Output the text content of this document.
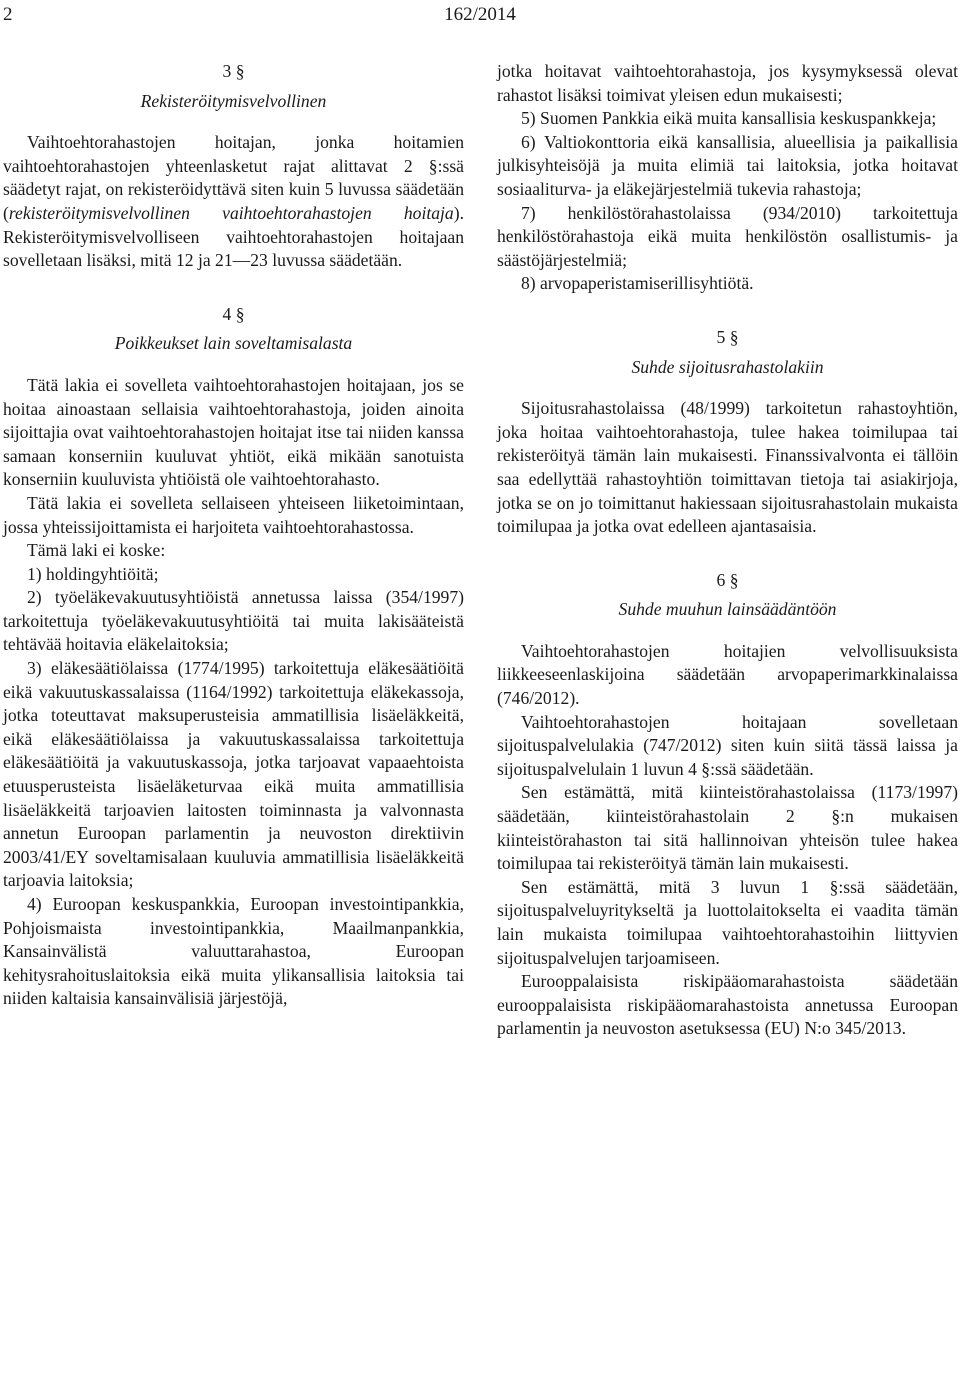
2	162/2014
3 §
Rekisteröitymisvelvollinen

Vaihtoehtorahastojen hoitajan, jonka hoitamien vaihtoehtorahastojen yhteenlasketut rajat alittavat 2 §:ssä säädetyt rajat, on rekisteröidyttävä siten kuin 5 luvussa säädetään (rekisteröitymisvelvollinen vaihtoehtorahastojen hoitaja). Rekisteröitymisvelvolliseen vaihtoehtorahastojen hoitajaan sovelletaan lisäksi, mitä 12 ja 21—23 luvussa säädetään.

4 §
Poikkeukset lain soveltamisalasta

Tätä lakia ei sovelleta vaihtoehtorahastojen hoitajaan, jos se hoitaa ainoastaan sellaisia vaihtoehtorahastoja, joiden ainoita sijoittajia ovat vaihtoehtorahastojen hoitajat itse tai niiden kanssa samaan konserniin kuuluvat yhtiöt, eikä mikään sanotuista konserniin kuuluvista yhtiöistä ole vaihtoehtorahasto.

Tätä lakia ei sovelleta sellaiseen yhteiseen liiketoimintaan, jossa yhteissijoittamista ei harjoiteta vaihtoehtorahastossa.

Tämä laki ei koske:

1) holdingyhtiöitä;

2) työeläkevakuutusyhtiöistä annetussa laissa (354/1997) tarkoitettuja työeläkevakuutusyhtiöitä tai muita lakisääteistä tehtävää hoitavia eläkelaitoksia;

3) eläkesäätiölaissa (1774/1995) tarkoitettuja eläkesäätiöitä eikä vakuutuskassalaissa (1164/1992) tarkoitettuja eläkekassoja, jotka toteuttavat maksuperusteisia ammatillisia lisäeläkkeitä, eikä eläkesäätiölaissa ja vakuutuskassalaissa tarkoitettuja eläkesäätiöitä ja vakuutuskassoja, jotka tarjoavat vapaaehtoista etuusperusteista lisäeläketurvaa eikä muita ammatillisia lisäeläkkeitä tarjoavien laitosten toiminnasta ja valvonnasta annetun Euroopan parlamentin ja neuvoston direktiivin 2003/41/EY soveltamisalaan kuuluvia ammatillisia lisäeläkkeitä tarjoavia laitoksia;

4) Euroopan keskuspankkia, Euroopan investointipankkia, Pohjoismaista investointipankkia, Maailmanpankkia, Kansainvälistä valuuttarahastoa, Euroopan kehitysrahoituslaitoksia eikä muita ylikansallisia laitoksia tai niiden kaltaisia kansainvälisiä järjestöjä,

jotka hoitavat vaihtoehtorahastoja, jos kysymyksessä olevat rahastot lisäksi toimivat yleisen edun mukaisesti;

5) Suomen Pankkia eikä muita kansallisia keskuspankkeja;

6) Valtiokonttoria eikä kansallisia, alueellisia ja paikallisia julkisyhteisöjä ja muita elimiä tai laitoksia, jotka hoitavat sosiaaliturva- ja eläkejärjestelmiä tukevia rahastoja;

7) henkilöstörahastolaissa (934/2010) tarkoitettuja henkilöstörahastoja eikä muita henkilöstön osallistumis- ja säästöjärjestelmiä;

8) arvopaperistamiserillisyhtiötä.

5 §
Suhde sijoitusrahastolakiin

Sijoitusrahastolaissa (48/1999) tarkoitetun rahastoyhtiön, joka hoitaa vaihtoehtorahastoja, tulee hakea toimilupaa tai rekisteröityä tämän lain mukaisesti. Finanssivalvonta ei tällöin saa edellyttää rahastoyhtiön toimittavan tietoja tai asiakirjoja, jotka se on jo toimittanut hakiessaan sijoitusrahastolain mukaista toimilupaa ja jotka ovat edelleen ajantasaisia.

6 §
Suhde muuhun lainsäädäntöön

Vaihtoehtorahastojen hoitajien velvollisuuksista liikkeeseenlaskijoina säädetään arvopaperimarkkinalaissa (746/2012).

Vaihtoehtorahastojen hoitajaan sovelletaan sijoituspalvelulakia (747/2012) siten kuin siitä tässä laissa ja sijoituspalvelulain 1 luvun 4 §:ssä säädetään.

Sen estämättä, mitä kiinteistörahastolaissa (1173/1997) säädetään, kiinteistörahastolain 2 §:n mukaisen kiinteistörahaston tai sitä hallinnoivan yhteisön tulee hakea toimilupaa tai rekisteröityä tämän lain mukaisesti.

Sen estämättä, mitä 3 luvun 1 §:ssä säädetään, sijoituspalveluyritykseltä ja luottolaitokselta ei vaadita tämän lain mukaista toimilupaa vaihtoehtorahastoihin liittyvien sijoituspalvelujen tarjoamiseen.

Eurooppalaisista riskipääomarahastoista säädetään eurooppalaisista riskipääomarahastoista annetussa Euroopan parlamentin ja neuvoston asetuksessa (EU) N:o 345/2013.
